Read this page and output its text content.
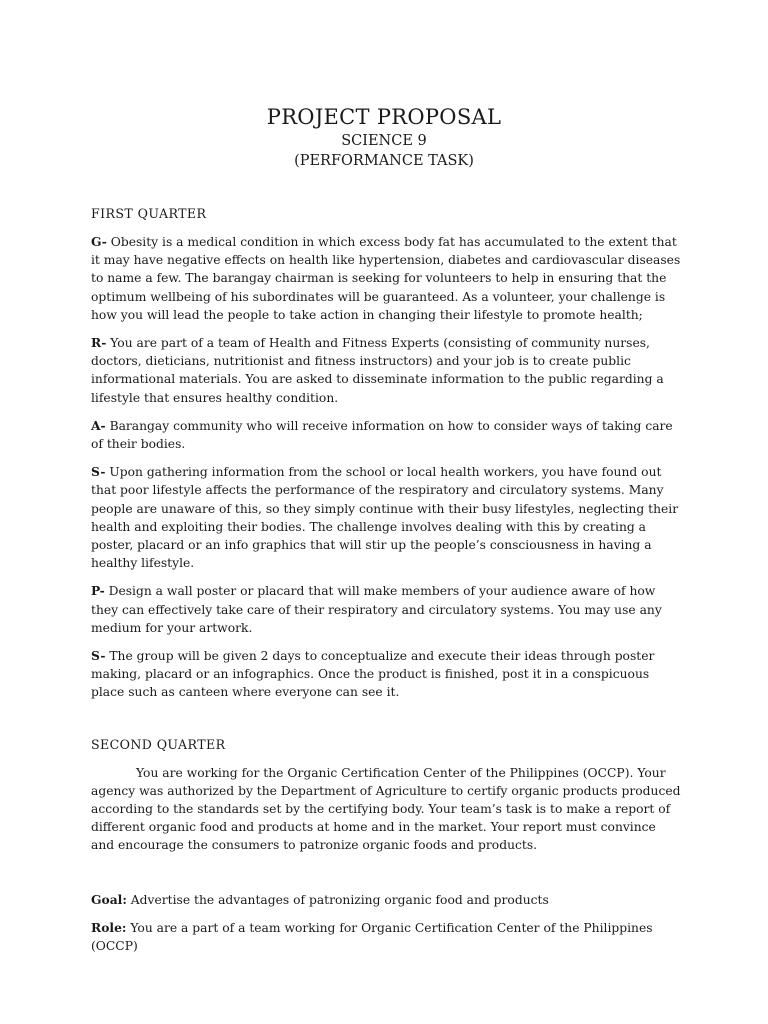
PROJECT PROPOSAL
SCIENCE 9
(PERFORMANCE TASK)
FIRST QUARTER

G- Obesity is a medical condition in which excess body fat has accumulated to the extent that it may have negative effects on health like hypertension, diabetes and cardiovascular diseases to name a few. The barangay chairman is seeking for volunteers to help in ensuring that the optimum wellbeing of his subordinates will be guaranteed. As a volunteer, your challenge is how you will lead the people to take action in changing their lifestyle to promote health;

R- You are part of a team of Health and Fitness Experts (consisting of community nurses, doctors, dieticians, nutritionist and fitness instructors) and your job is to create public informational materials. You are asked to disseminate information to the public regarding a lifestyle that ensures healthy condition.

A- Barangay community who will receive information on how to consider ways of taking care of their bodies.

S- Upon gathering information from the school or local health workers, you have found out that poor lifestyle affects the performance of the respiratory and circulatory systems. Many people are unaware of this, so they simply continue with their busy lifestyles, neglecting their health and exploiting their bodies. The challenge involves dealing with this by creating a poster, placard or an info graphics that will stir up the people’s consciousness in having a healthy lifestyle.

P- Design a wall poster or placard that will make members of your audience aware of how they can effectively take care of their respiratory and circulatory systems. You may use any medium for your artwork.

S- The group will be given 2 days to conceptualize and execute their ideas through poster making, placard or an infographics. Once the product is finished, post it in a conspicuous place such as canteen where everyone can see it.

SECOND QUARTER

You are working for the Organic Certification Center of the Philippines (OCCP). Your agency was authorized by the Department of Agriculture to certify organic products produced according to the standards set by the certifying body. Your team’s task is to make a report of different organic food and products at home and in the market. Your report must convince and encourage the consumers to patronize organic foods and products.

Goal: Advertise the advantages of patronizing organic food and products

Role: You are a part of a team working for Organic Certification Center of the Philippines (OCCP)
